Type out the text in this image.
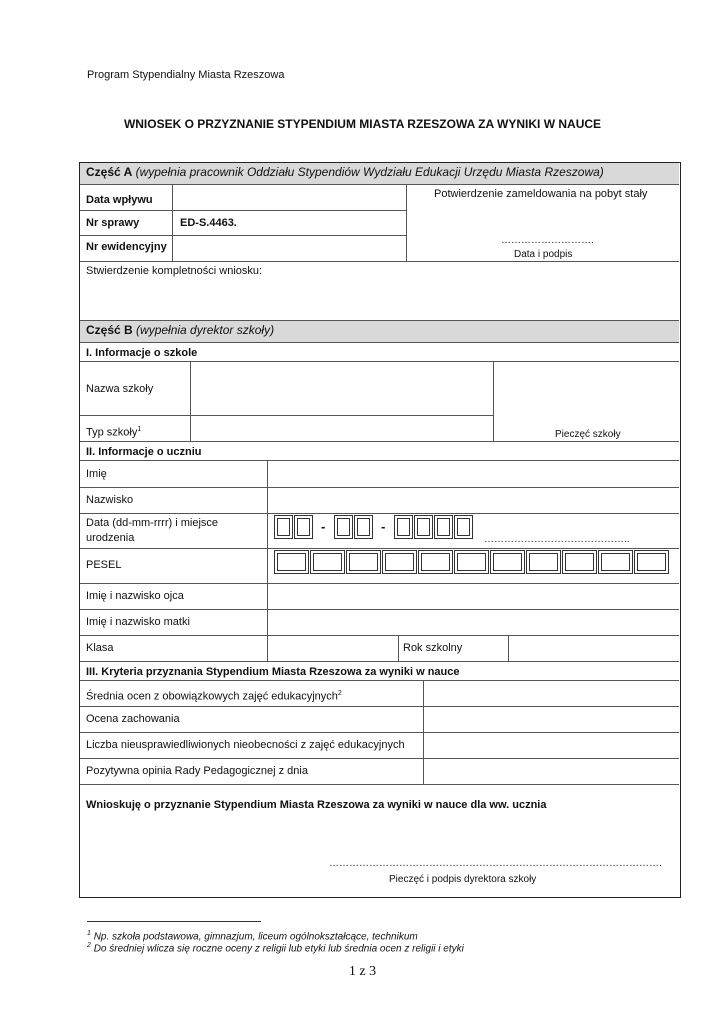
Program Stypendialny Miasta Rzeszowa
WNIOSEK O PRZYZNANIE STYPENDIUM MIASTA RZESZOWA ZA WYNIKI W NAUCE
Część A (wypełnia pracownik Oddziału Stypendiów Wydziału Edukacji Urzędu Miasta Rzeszowa)
Data wpływu
Nr sprawy	ED-S.4463.
Nr ewidencyjny
Potwierdzenie zameldowania na pobyt stały
……………………….
Data i podpis
Stwierdzenie kompletności wniosku:
Część B (wypełnia dyrektor szkoły)
I. Informacje o szkole
Nazwa szkoły
Typ szkoły$^1$	Pieczęć szkoły
II. Informacje o uczniu
Imię
Nazwisko
Data (dd-mm-rrrr) i miejsce
urodzenia
-	-
……………………………………..
PESEL
Imię i nazwisko ojca
Imię i nazwisko matki
Klasa	Rok szkolny
III. Kryteria przyznania Stypendium Miasta Rzeszowa za wyniki w nauce
Średnia ocen z obowiązkowych zajęć edukacyjnych$^2$
Ocena zachowania
Liczba nieusprawiedliwionych nieobecności z zajęć edukacyjnych
Pozytywna opinia Rady Pedagogicznej z dnia
Wnioskuję o przyznanie Stypendium Miasta Rzeszowa za wyniki w nauce dla ww. ucznia
……………………………………………………………………………………….
Pieczęć i podpis dyrektora szkoły
$^1$ Np. szkoła podstawowa, gimnazjum, liceum ogólnokształcące, technikum
$^2$ Do średniej wlicza się roczne oceny z religii lub etyki lub średnia ocen z religii i etyki
1 z 3
